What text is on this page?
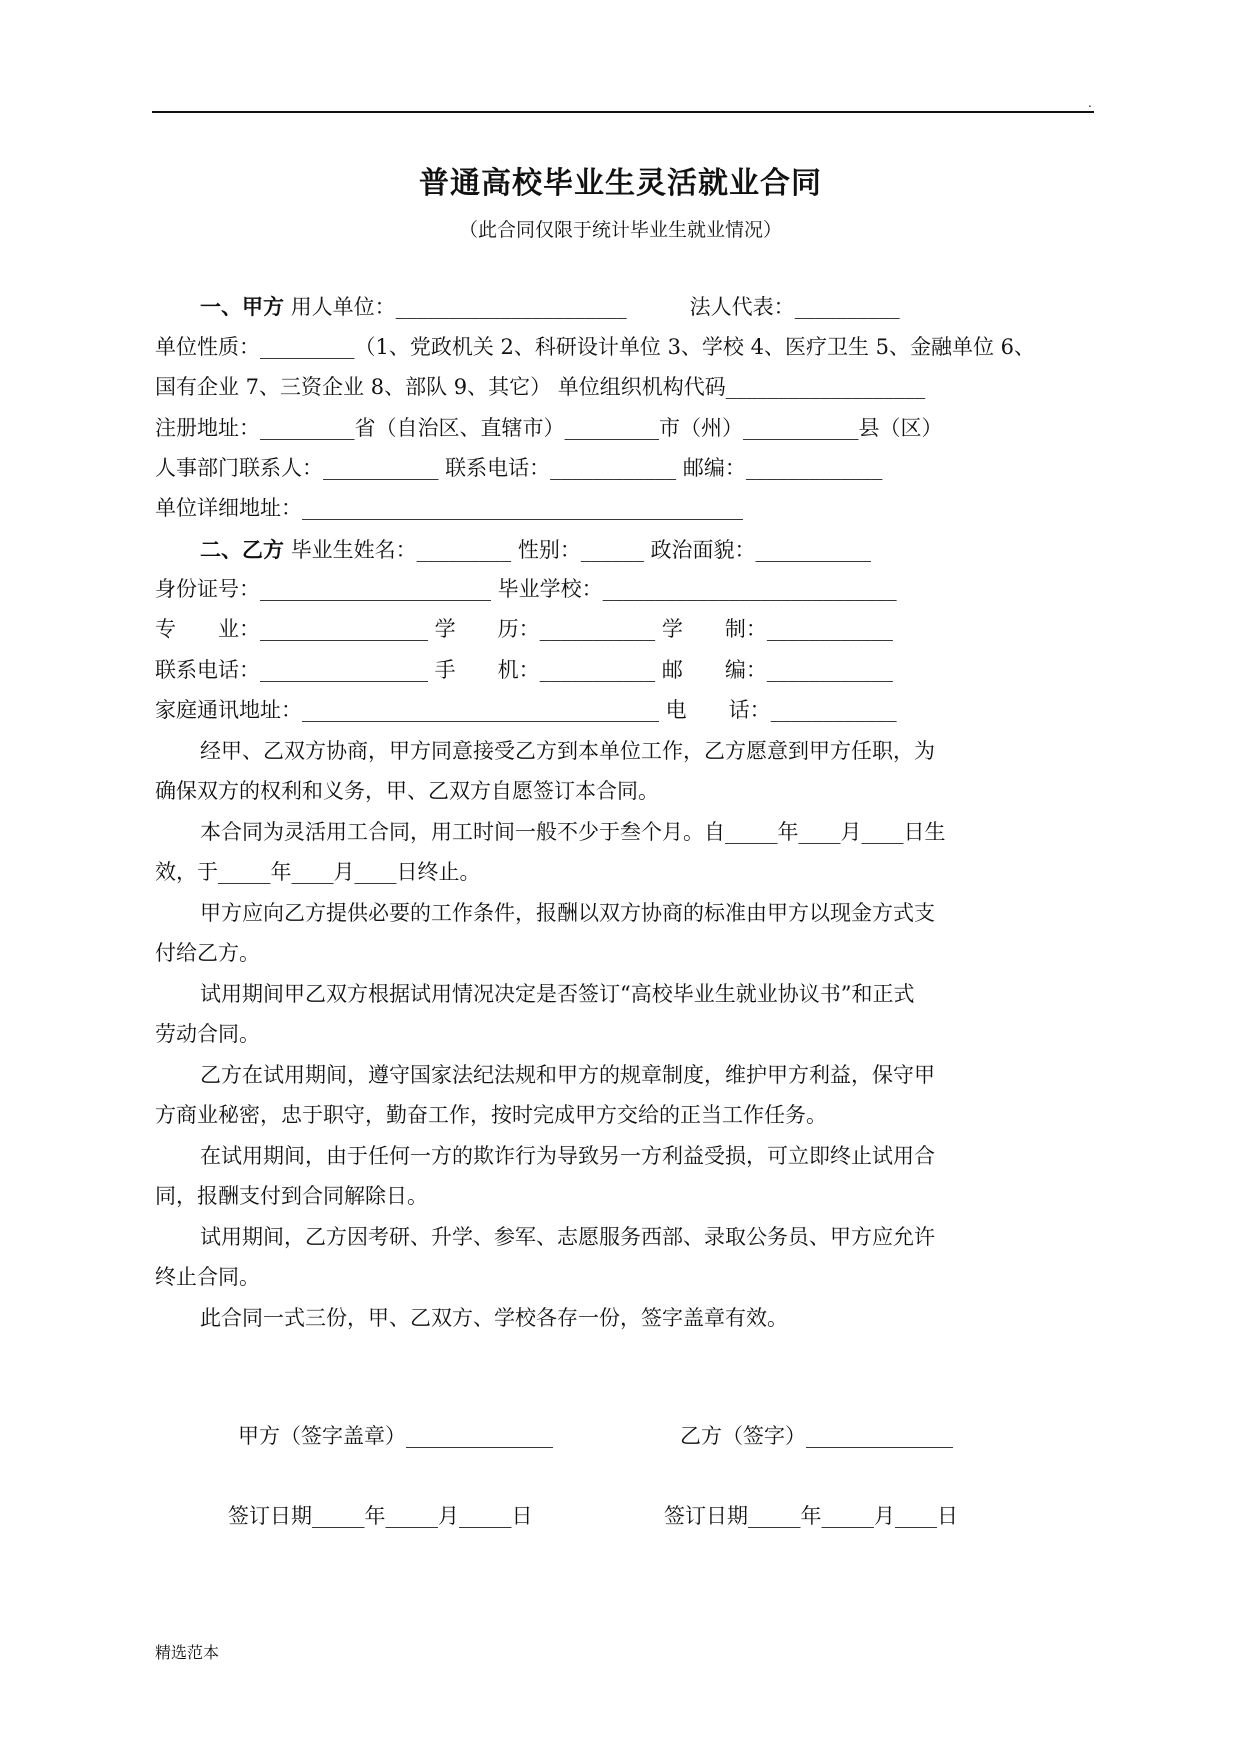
.
普通高校毕业生灵活就业合同
（此合同仅限于统计毕业生就业情况）
一、甲方 用人单位：______________________　　　法人代表：__________
单位性质：_________（1、党政机关 2、科研设计单位 3、学校 4、医疗卫生 5、金融单位 6、
国有企业 7、三资企业 8、部队 9、其它） 单位组织机构代码___________________
注册地址：_________省（自治区、直辖市）_________市（州）___________县（区）
人事部门联系人：___________ 联系电话：____________ 邮编：_____________
单位详细地址：__________________________________________
二、乙方 毕业生姓名：_________ 性别：______ 政治面貌：___________
身份证号：______________________ 毕业学校：____________________________
专　　业：________________ 学　　历：___________ 学　　制：____________
联系电话：________________ 手　　机：___________ 邮　　编：____________
家庭通讯地址：__________________________________ 电　　话：____________
经甲、乙双方协商，甲方同意接受乙方到本单位工作，乙方愿意到甲方任职，为
确保双方的权利和义务，甲、乙双方自愿签订本合同。
本合同为灵活用工合同，用工时间一般不少于叁个月。自_____年____月____日生
效，于_____年____月____日终止。
甲方应向乙方提供必要的工作条件，报酬以双方协商的标准由甲方以现金方式支
付给乙方。
试用期间甲乙双方根据试用情况决定是否签订“高校毕业生就业协议书”和正式
劳动合同。
乙方在试用期间，遵守国家法纪法规和甲方的规章制度，维护甲方利益，保守甲
方商业秘密，忠于职守，勤奋工作，按时完成甲方交给的正当工作任务。
在试用期间，由于任何一方的欺诈行为导致另一方利益受损，可立即终止试用合
同，报酬支付到合同解除日。
试用期间，乙方因考研、升学、参军、志愿服务西部、录取公务员、甲方应允许
终止合同。
此合同一式三份，甲、乙双方、学校各存一份，签字盖章有效。
甲方（签字盖章）______________	乙方（签字）______________
签订日期_____年_____月_____日	签订日期_____年_____月____日
精选范本
